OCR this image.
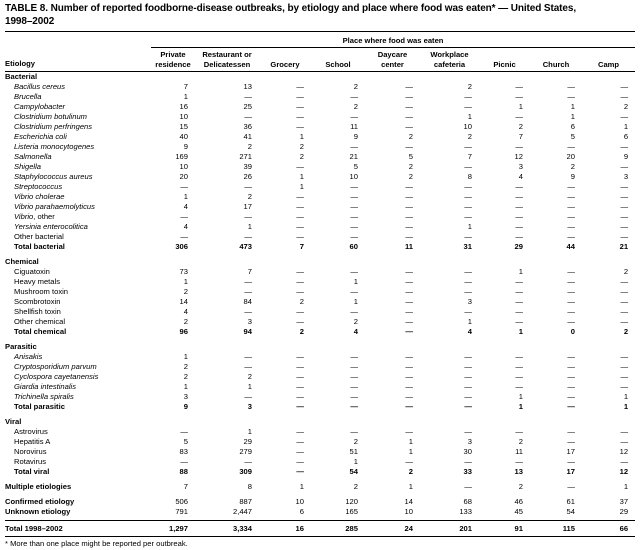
TABLE 8. Number of reported foodborne-disease outbreaks, by etiology and place where food was eaten* — United States,
1998–2002
	Place where food was eaten								
Etiology	
Private
residence

Restaurant or
Delicatessen	Grocery	School

Daycare
center

Workplace
cafeteria	Picnic	Church	Camp

Bacterial									
Bacillus cereus	7	13	—	2	—	2	—	—	—
Brucella	1	—	—	—	—	—	—	—	—
Campylobacter	16	25	—	2	—	—	1	1	2
Clostridium botulinum	10	—	—	—	—	1	—	1	—
Clostridium perfringens	15	36	—	11	—	10	2	6	1
Escherichia coli	40	41	1	9	2	2	7	5	6
Listeria monocytogenes	9	2	2	—	—	—	—	—	—
Salmonella	169	271	2	21	5	7	12	20	9
Shigella	10	39	—	5	2	—	3	2	—
Staphylococcus aureus	20	26	1	10	2	8	4	9	3
Streptococcus	—	—	1	—	—	—	—	—	—
Vibrio cholerae	1	2	—	—	—	—	—	—	—
Vibrio parahaemolyticus	4	17	—	—	—	—	—	—	—
Vibrio, other	—	—	—	—	—	—	—	—	—
Yersinia enterocolitica	4	1	—	—	—	1	—	—	—
Other bacterial	—	—	—	—	—	—	—	—	—
Total bacterial	306	473	7	60	11	31	29	44	21
Chemical									
Ciguatoxin	73	7	—	—	—	—	1	—	2
Heavy metals	1	—	—	1	—	—	—	—	—
Mushroom toxin	2	—	—	—	—	—	—	—	—
Scombrotoxin	14	84	2	1	—	3	—	—	—
Shellfish toxin	4	—	—	—	—	—	—	—	—
Other chemical	2	3	—	2	—	1	—	—	—
Total chemical	96	94	2	4	—	4	1	0	2
Parasitic									
Anisakis	1	—	—	—	—	—	—	—	—
Cryptosporidium parvum	2	—	—	—	—	—	—	—	—
Cyclospora cayetanensis	2	2	—	—	—	—	—	—	—
Giardia intestinalis	1	1	—	—	—	—	—	—	—
Trichinella spiralis	3	—	—	—	—	—	1	—	1
Total parasitic	9	3	—	—	—	—	1	—	1
Viral									
Astrovirus	—	1	—	—	—	—	—	—	—
Hepatitis A	5	29	—	2	1	3	2	—	—
Norovirus	83	279	—	51	1	30	11	17	12
Rotavirus	—	—	—	1	—	—	—	—	—
Total viral	88	309	—	54	2	33	13	17	12
Multiple etiologies	7	8	1	2	1	—	2	—	1
Confirmed etiology	506	887	10	120	14	68	46	61	37
Unknown etiology	791	2,447	6	165	10	133	45	54	29
Total 1998–2002	1,297	3,334	16	285	24	201	91	115	66
* More than one place might be reported per outbreak.
